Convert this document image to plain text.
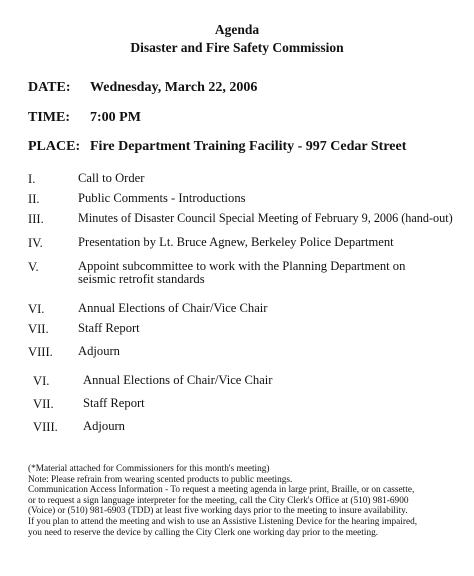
Agenda
Disaster and Fire Safety Commission
DATE: Wednesday, March 22, 2006
TIME: 7:00 PM
PLACE: Fire Department Training Facility - 997 Cedar Street
I.	Call to Order
II.	Public Comments - Introductions
III.	Minutes of Disaster Council Special Meeting of February 9, 2006 (hand-out)
IV.	Presentation by Lt. Bruce Agnew, Berkeley Police Department
V.	Appoint subcommittee to work with the Planning Department on
seismic retrofit standards
VI.	Annual Elections of Chair/Vice Chair
VII. Staff Report
VIII. Adjourn
VI.	Annual Elections of Chair/Vice Chair
VII. Staff Report
VIII. Adjourn
(*Material attached for Commissioners for this month's meeting)
Note: Please refrain from wearing scented products to public meetings.
Communication Access Information - To request a meeting agenda in large print, Braille, or on cassette,
or to request a sign language interpreter for the meeting, call the City Clerk's Office at (510) 981-6900
(Voice) or (510) 981-6903 (TDD) at least five working days prior to the meeting to insure availability.
If you plan to attend the meeting and wish to use an Assistive Listening Device for the hearing impaired,
you need to reserve the device by calling the City Clerk one working day prior to the meeting.
